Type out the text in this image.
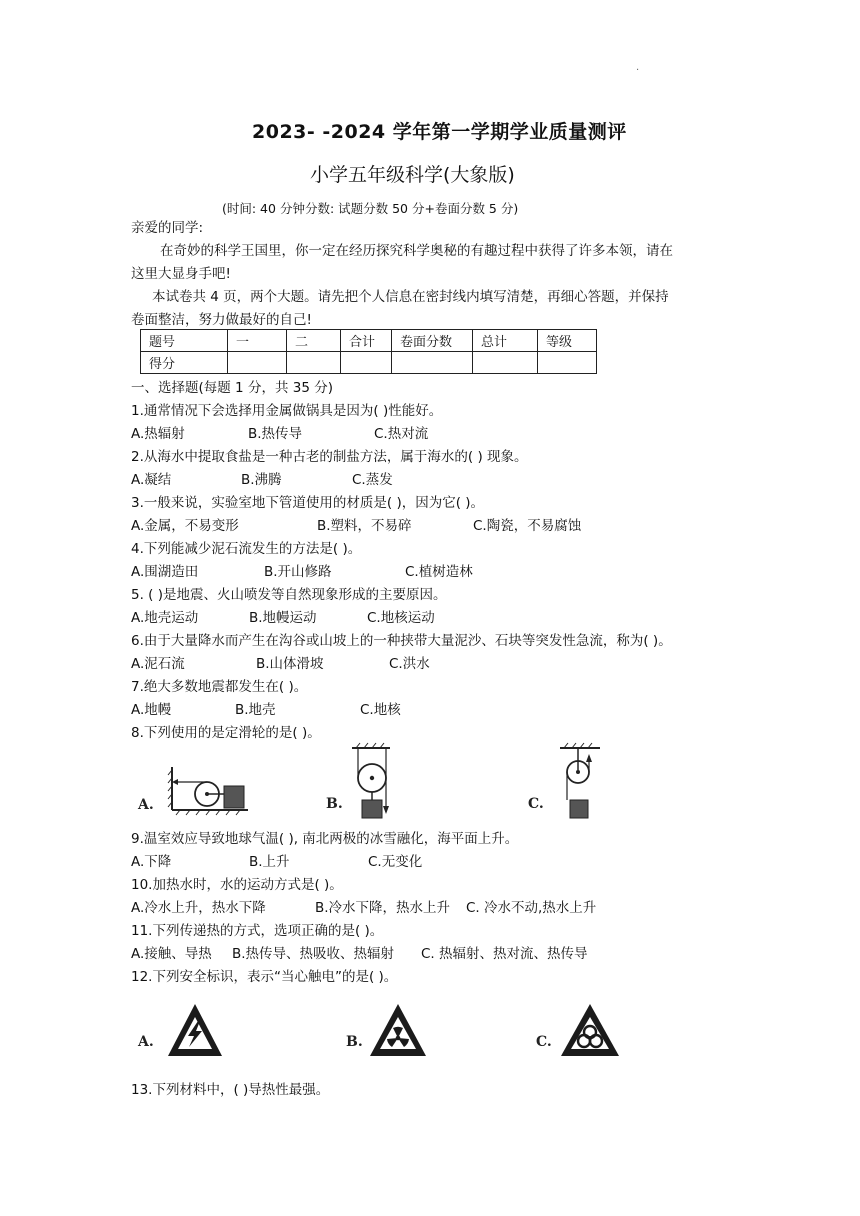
.
2023- -2024 学年第一学期学业质量测评
小学五年级科学(大象版)
(时间: 40 分钟分数: 试题分数 50 分+卷面分数 5 分)
亲爱的同学:
在奇妙的科学王国里，你一定在经历探究科学奥秘的有趣过程中获得了许多本领，请在
这里大显身手吧!
本试卷共 4 页，两个大题。请先把个人信息在密封线内填写清楚，再细心答题，并保持
卷面整洁，努力做最好的自己!
题号	一	二	合计	卷面分数	总计	等级
得分						
一、选择题(每题 1 分，共 35 分)
1.通常情况下会选择用金属做锅具是因为( )性能好。
A.热辐射	B.热传导	C.热对流
2.从海水中提取食盐是一种古老的制盐方法，属于海水的( ) 现象。
A.凝结	B.沸腾	C.蒸发
3.一般来说，实验室地下管道使用的材质是( )，因为它( )。
A.金属，不易变形	B.塑料，不易碎	C.陶瓷，不易腐蚀
4.下列能减少泥石流发生的方法是( )。
A.围湖造田	B.开山修路	C.植树造林
5. ( )是地震、火山喷发等自然现象形成的主要原因。
A.地壳运动	B.地幔运动	C.地核运动
6.由于大量降水而产生在沟谷或山坡上的一种挟带大量泥沙、石块等突发性急流，称为( )。
A.泥石流	B.山体滑坡	C.洪水
7.绝大多数地震都发生在( )。
A.地幔	B.地壳	C.地核
8.下列使用的是定滑轮的是( )。
A.	B.	C.
9.温室效应导致地球气温( ), 南北两极的冰雪融化，海平面上升。
A.下降	B.上升	C.无变化
10.加热水时，水的运动方式是( )。
A.冷水上升，热水下降	B.冷水下降，热水上升 C. 冷水不动,热水上升
11.下列传递热的方式，选项正确的是( )。
A.接触、导热 B.热传导、热吸收、热辐射 C. 热辐射、热对流、热传导
12.下列安全标识，表示“当心触电”的是( )。
A.	B.	C.
13.下列材料中，( )导热性最强。
